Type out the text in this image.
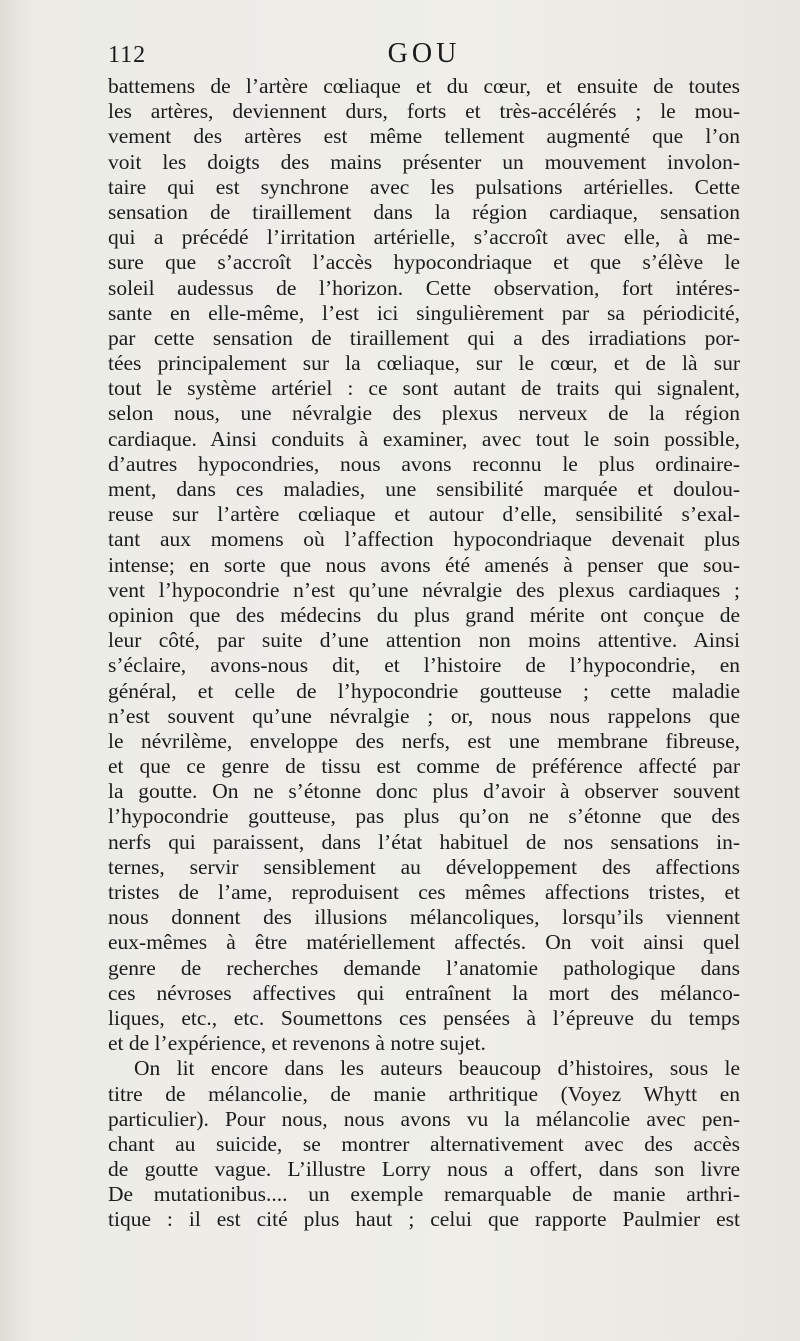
112	GOU
battemens de l’artère cœliaque et du cœur, et ensuite de toutes
les artères, deviennent durs, forts et très-accélérés ; le mou-
vement des artères est même tellement augmenté que l’on
voit les doigts des mains présenter un mouvement involon-
taire qui est synchrone avec les pulsations artérielles. Cette
sensation de tiraillement dans la région cardiaque, sensation
qui a précédé l’irritation artérielle, s’accroît avec elle, à me-
sure que s’accroît l’accès hypocondriaque et que s’élève le
soleil audessus de l’horizon. Cette observation, fort intéres-
sante en elle-même, l’est ici singulièrement par sa périodicité,
par cette sensation de tiraillement qui a des irradiations por-
tées principalement sur la cœliaque, sur le cœur, et de là sur
tout le système artériel : ce sont autant de traits qui signalent,
selon nous, une névralgie des plexus nerveux de la région
cardiaque. Ainsi conduits à examiner, avec tout le soin possible,
d’autres hypocondries, nous avons reconnu le plus ordinaire-
ment, dans ces maladies, une sensibilité marquée et doulou-
reuse sur l’artère cœliaque et autour d’elle, sensibilité s’exal-
tant aux momens où l’affection hypocondriaque devenait plus
intense; en sorte que nous avons été amenés à penser que sou-
vent l’hypocondrie n’est qu’une névralgie des plexus cardiaques ;
opinion que des médecins du plus grand mérite ont conçue de
leur côté, par suite d’une attention non moins attentive. Ainsi
s’éclaire, avons-nous dit, et l’histoire de l’hypocondrie, en
général, et celle de l’hypocondrie goutteuse ; cette maladie
n’est souvent qu’une névralgie ; or, nous nous rappelons que
le névrilème, enveloppe des nerfs, est une membrane fibreuse,
et que ce genre de tissu est comme de préférence affecté par
la goutte. On ne s’étonne donc plus d’avoir à observer souvent
l’hypocondrie goutteuse, pas plus qu’on ne s’étonne que des
nerfs qui paraissent, dans l’état habituel de nos sensations in-
ternes, servir sensiblement au développement des affections
tristes de l’ame, reproduisent ces mêmes affections tristes, et
nous donnent des illusions mélancoliques, lorsqu’ils viennent
eux-mêmes à être matériellement affectés. On voit ainsi quel
genre de recherches demande l’anatomie pathologique dans
ces névroses affectives qui entraînent la mort des mélanco-
liques, etc., etc. Soumettons ces pensées à l’épreuve du temps
et de l’expérience, et revenons à notre sujet.
On lit encore dans les auteurs beaucoup d’histoires, sous le
titre de mélancolie, de manie arthritique (Voyez Whytt en
particulier). Pour nous, nous avons vu la mélancolie avec pen-
chant au suicide, se montrer alternativement avec des accès
de goutte vague. L’illustre Lorry nous a offert, dans son livre
De mutationibus.... un exemple remarquable de manie arthri-
tique : il est cité plus haut ; celui que rapporte Paulmier est
